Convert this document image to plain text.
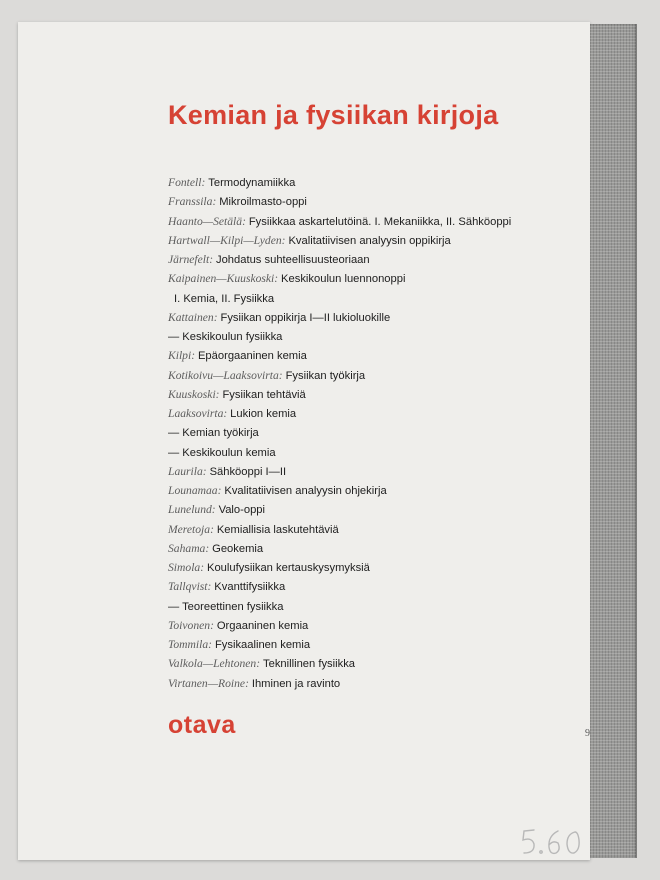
Kemian ja fysiikan kirjoja
Fontell: Termodynamiikka
Franssila: Mikroilmasto-oppi
Haanto—Setälä: Fysiikkaa askartelutöinä. I. Mekaniikka, II. Sähköoppi
Hartwall—Kilpi—Lyden: Kvalitatiivisen analyysin oppikirja
Järnefelt: Johdatus suhteellisuusteoriaan
Kaipainen—Kuuskoski: Keskikoulun luennonoppi
I. Kemia, II. Fysiikka
Kattainen: Fysiikan oppikirja I—II lukioluokille
— Keskikoulun fysiikka
Kilpi: Epäorgaaninen kemia
Kotikoivu—Laaksovirta: Fysiikan työkirja
Kuuskoski: Fysiikan tehtäviä
Laaksovirta: Lukion kemia
— Kemian työkirja
— Keskikoulun kemia
Laurila: Sähköoppi I—II
Lounamaa: Kvalitatiivisen analyysin ohjekirja
Lunelund: Valo-oppi
Meretoja: Kemiallisia laskutehtäviä
Sahama: Geokemia
Simola: Koulufysiikan kertauskysymyksiä
Tallqvist: Kvanttifysiikka
— Teoreettinen fysiikka
Toivonen: Orgaaninen kemia
Tommila: Fysikaalinen kemia
Valkola—Lehtonen: Teknillinen fysiikka
Virtanen—Roine: Ihminen ja ravinto
otava	9
